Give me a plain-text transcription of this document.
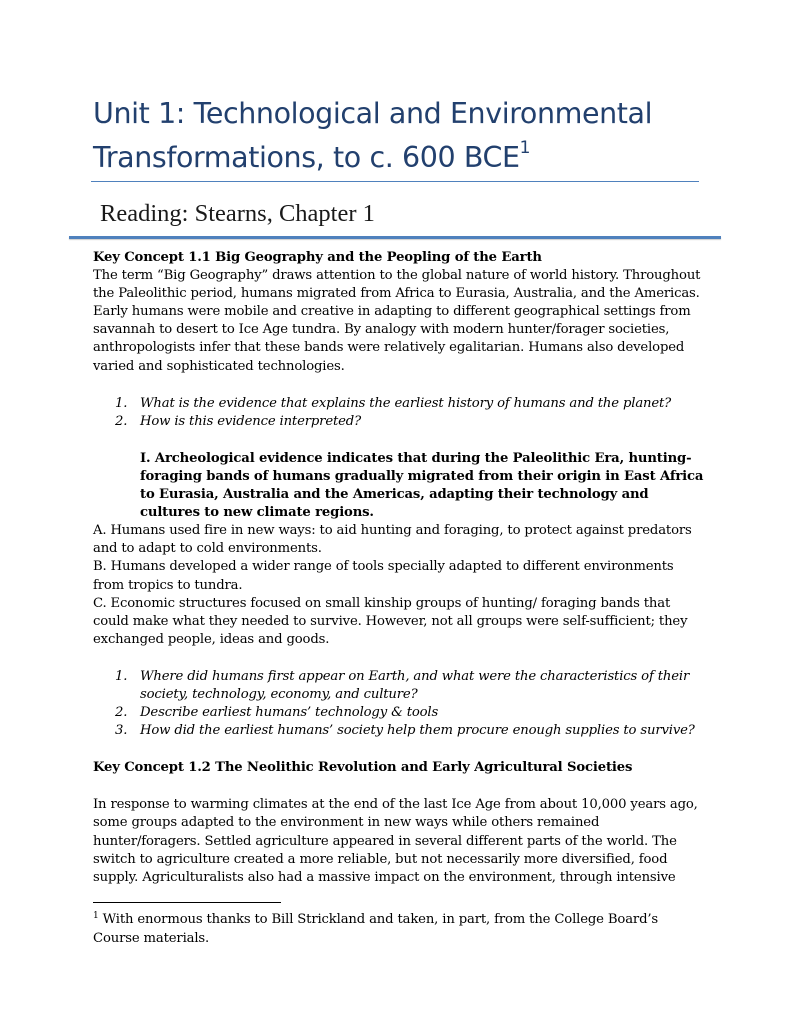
Unit 1: Technological and Environmental
Transformations, to c. 600 BCE$^1$
Reading: Stearns, Chapter 1

Key Concept 1.1 Big Geography and the Peopling of the Earth

The term “Big Geography” draws attention to the global nature of world history. Throughout the Paleolithic period, humans migrated from Africa to Eurasia, Australia, and the Americas. Early humans were mobile and creative in adapting to different geographical settings from savannah to desert to Ice Age tundra. By analogy with modern hunter/forager societies, anthropologists infer that these bands were relatively egalitarian. Humans also developed varied and sophisticated technologies.

1. What is the evidence that explains the earliest history of humans and the planet?
2. How is this evidence interpreted?

I. Archeological evidence indicates that during the Paleolithic Era, hunting-foraging bands of humans gradually migrated from their origin in East Africa to Eurasia, Australia and the Americas, adapting their technology and cultures to new climate regions.

A. Humans used fire in new ways: to aid hunting and foraging, to protect against predators and to adapt to cold environments.

B. Humans developed a wider range of tools specially adapted to different environments from tropics to tundra.

C. Economic structures focused on small kinship groups of hunting/ foraging bands that could make what they needed to survive. However, not all groups were self-sufficient; they exchanged people, ideas and goods.

1. Where did humans first appear on Earth, and what were the characteristics of their society, technology, economy, and culture?
2. Describe earliest humans’ technology & tools
3. How did the earliest humans’ society help them procure enough supplies to survive?

Key Concept 1.2 The Neolithic Revolution and Early Agricultural Societies

In response to warming climates at the end of the last Ice Age from about 10,000 years ago, some groups adapted to the environment in new ways while others remained hunter/foragers. Settled agriculture appeared in several different parts of the world. The switch to agriculture created a more reliable, but not necessarily more diversified, food supply. Agriculturalists also had a massive impact on the environment, through intensive

$^1$ With enormous thanks to Bill Strickland and taken, in part, from the College Board’s Course materials.
